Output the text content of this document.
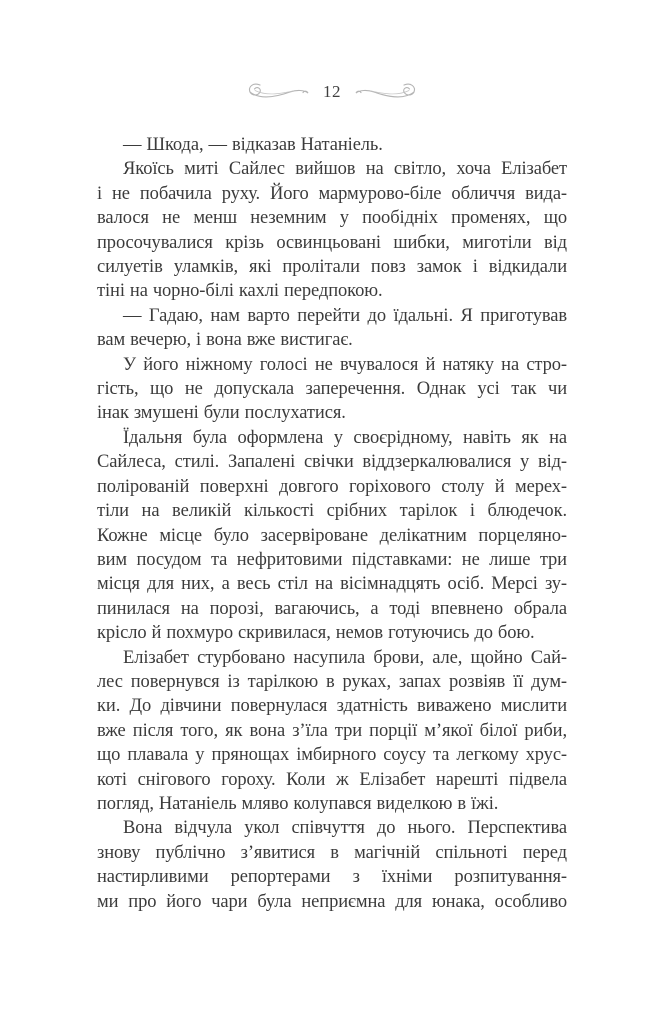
12
— Шкода, — відказав Натаніель.
Якоїсь миті Сайлес вийшов на світло, хоча Елізабет
і не побачила руху. Його мармурово-біле обличчя вида-
валося не менш неземним у пообідніх променях, що
просочувалися крізь освинцьовані шибки, миготіли від
силуетів уламків, які пролітали повз замок і відкидали
тіні на чорно-білі кахлі передпокою.
— Гадаю, нам варто перейти до їдальні. Я приготував
вам вечерю, і вона вже вистигає.
У його ніжному голосі не вчувалося й натяку на стро-
гість, що не допускала заперечення. Однак усі так чи
інак змушені були послухатися.
Їдальня була оформлена у своєрідному, навіть як на
Сайлеса, стилі. Запалені свічки віддзеркалювалися у від-
полірованій поверхні довгого горіхового столу й мерех-
тіли на великій кількості срібних тарілок і блюдечок.
Кожне місце було засервіроване делікатним порцеляно-
вим посудом та нефритовими підставками: не лише три
місця для них, а весь стіл на вісімнадцять осіб. Мерсі зу-
пинилася на порозі, вагаючись, а тоді впевнено обрала
крісло й похмуро скривилася, немов готуючись до бою.
Елізабет стурбовано насупила брови, але, щойно Сай-
лес повернувся із тарілкою в руках, запах розвіяв її дум-
ки. До дівчини повернулася здатність виважено мислити
вже після того, як вона з’їла три порції м’якої білої риби,
що плавала у прянощах імбирного соусу та легкому хрус-
коті снігового гороху. Коли ж Елізабет нарешті підвела
погляд, Натаніель мляво колупався виделкою в їжі.
Вона відчула укол співчуття до нього. Перспектива
знову публічно з’явитися в магічній спільноті перед
настирливими репортерами з їхніми розпитування-
ми про його чари була неприємна для юнака, особливо
